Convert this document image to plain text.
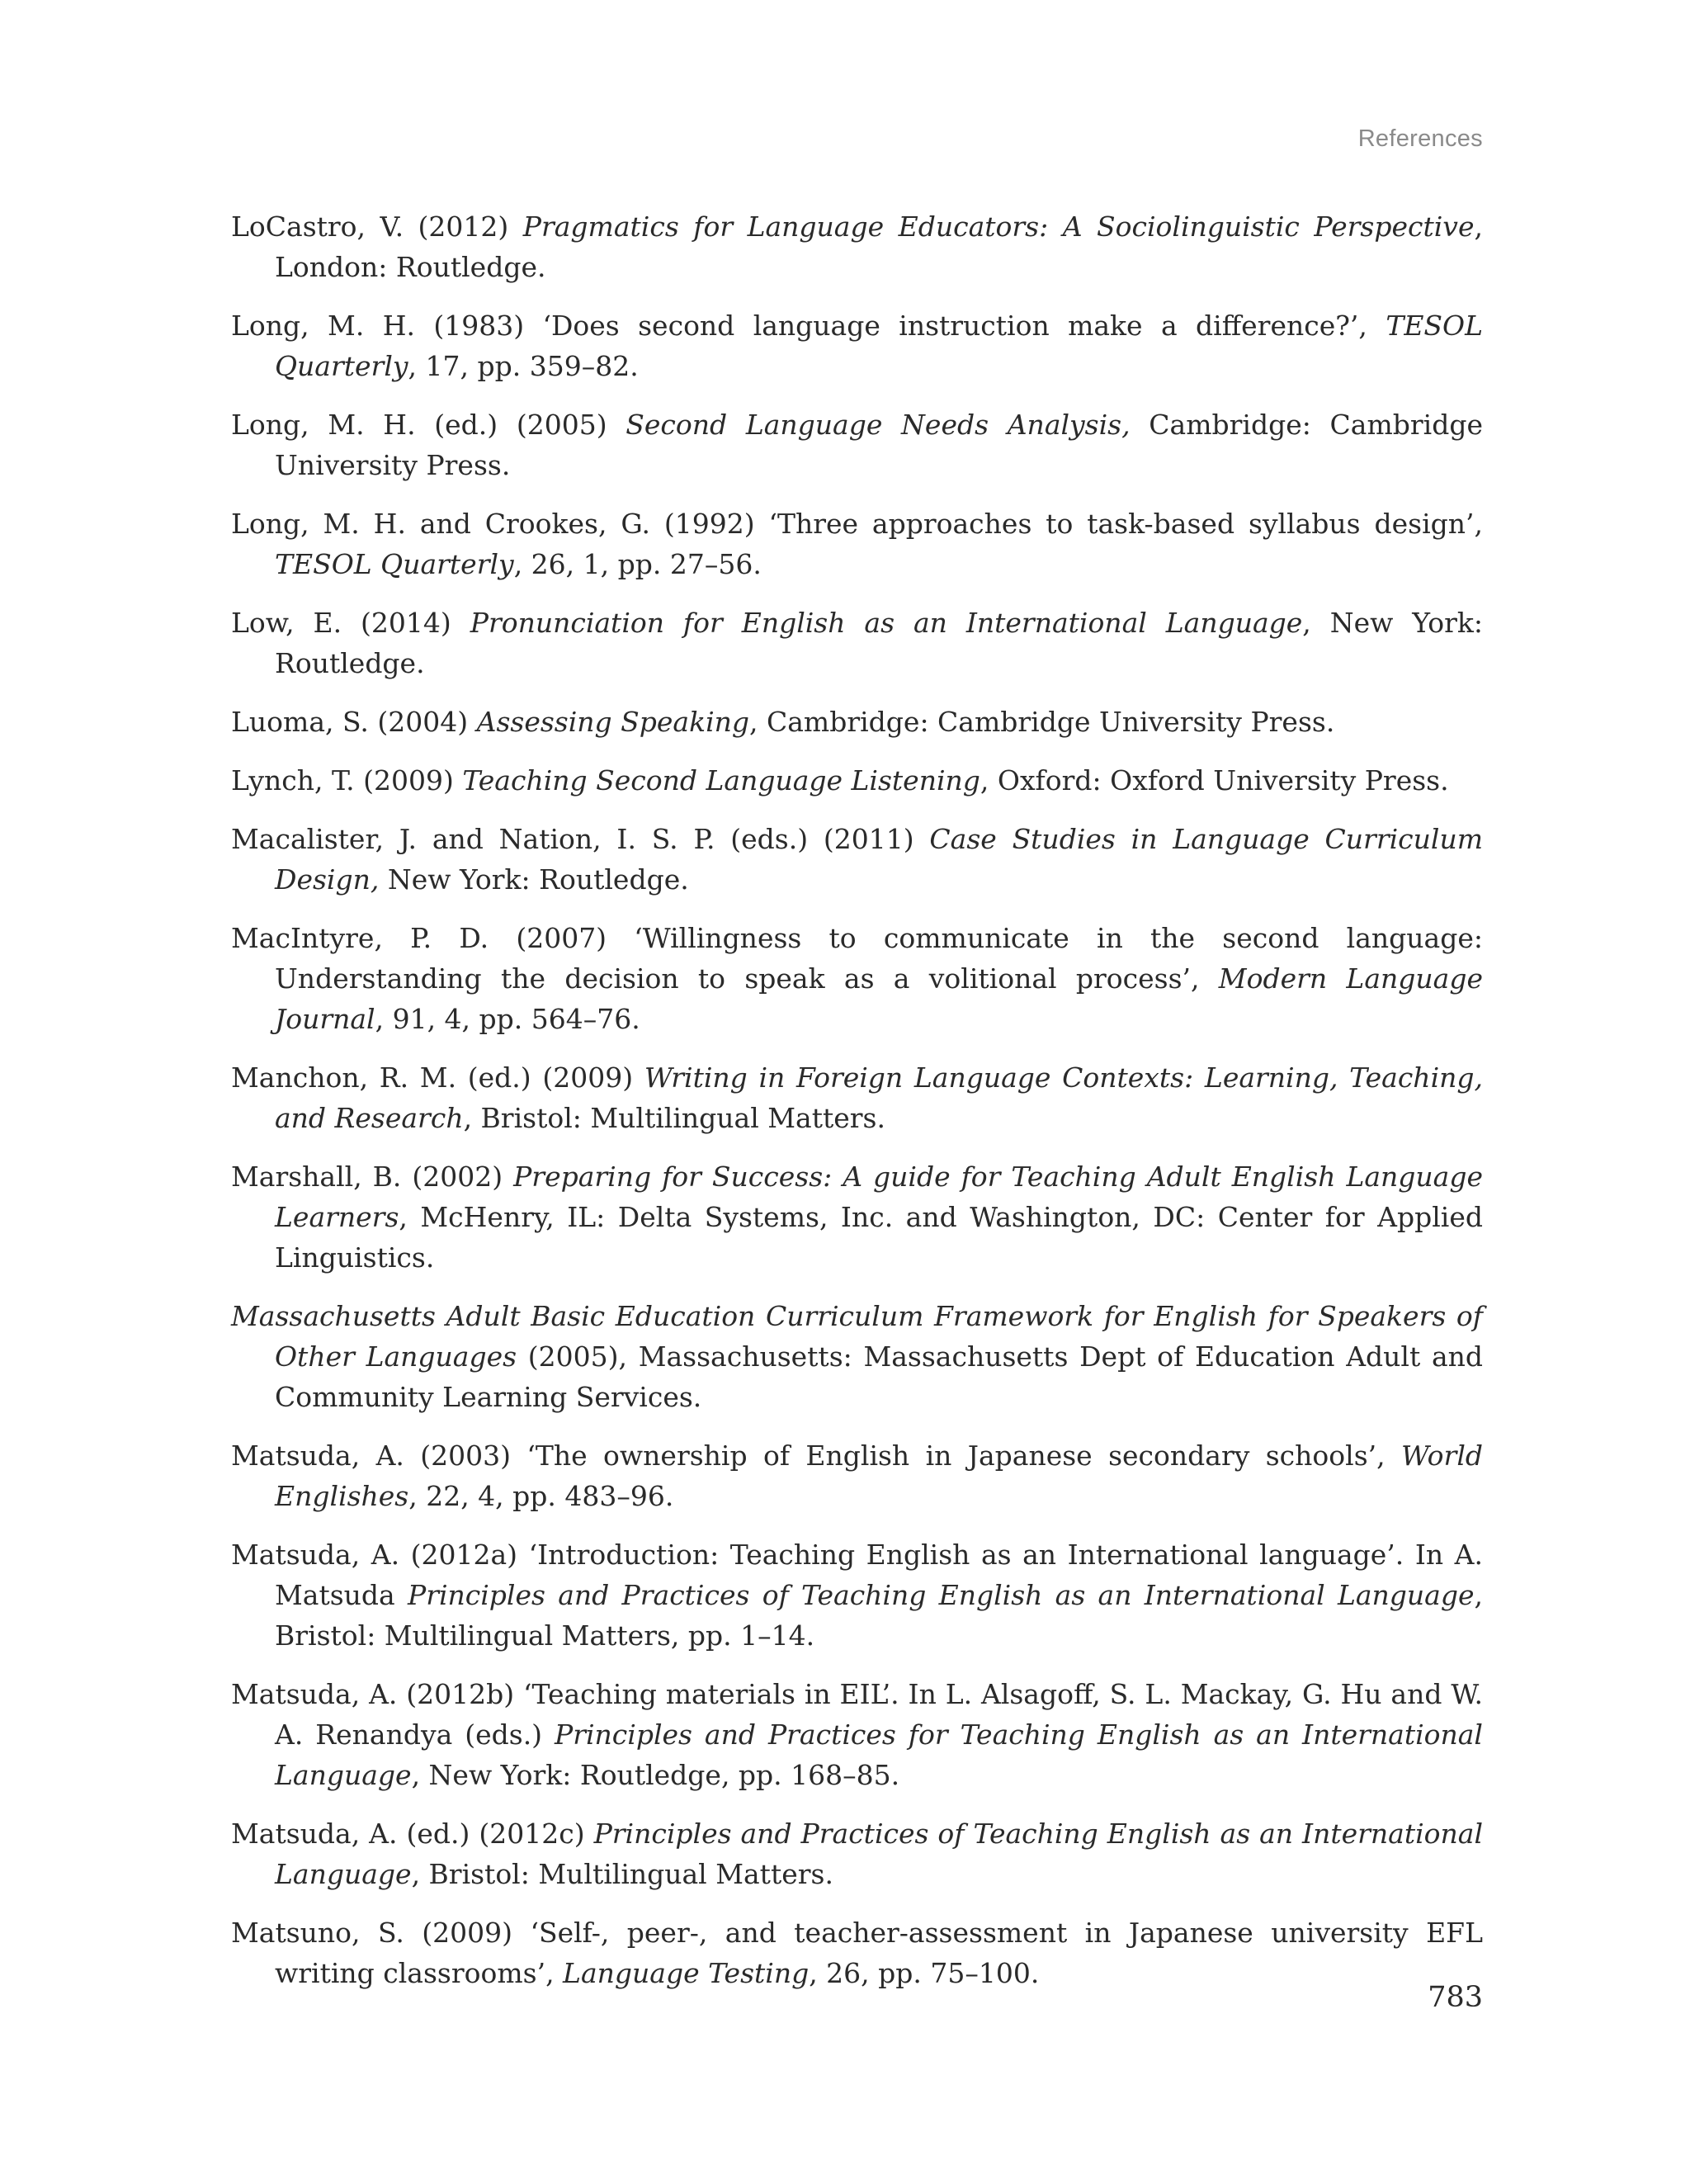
References

LoCastro, V. (2012) Pragmatics for Language Educators: A Sociolinguistic Perspective, London: Routledge.

Long, M. H. (1983) ‘Does second language instruction make a difference?’, TESOL Quarterly, 17, pp. 359–82.

Long, M. H. (ed.) (2005) Second Language Needs Analysis, Cambridge: Cambridge University Press.

Long, M. H. and Crookes, G. (1992) ‘Three approaches to task-based syllabus design’, TESOL Quarterly, 26, 1, pp. 27–56.

Low, E. (2014) Pronunciation for English as an International Language, New York: Routledge.

Luoma, S. (2004) Assessing Speaking, Cambridge: Cambridge University Press.

Lynch, T. (2009) Teaching Second Language Listening, Oxford: Oxford University Press.

Macalister, J. and Nation, I. S. P. (eds.) (2011) Case Studies in Language Curriculum Design, New York: Routledge.

MacIntyre, P. D. (2007) ‘Willingness to communicate in the second language: Understanding the decision to speak as a volitional process’, Modern Language Journal, 91, 4, pp. 564–76.

Manchon, R. M. (ed.) (2009) Writing in Foreign Language Contexts: Learning, Teaching, and Research, Bristol: Multilingual Matters.

Marshall, B. (2002) Preparing for Success: A guide for Teaching Adult English Language Learners, McHenry, IL: Delta Systems, Inc. and Washington, DC: Center for Applied Linguistics.

Massachusetts Adult Basic Education Curriculum Framework for English for Speakers of Other Languages (2005), Massachusetts: Massachusetts Dept of Education Adult and Community Learning Services.

Matsuda, A. (2003) ‘The ownership of English in Japanese secondary schools’, World Englishes, 22, 4, pp. 483–96.

Matsuda, A. (2012a) ‘Introduction: Teaching English as an International language’. In A. Matsuda Principles and Practices of Teaching English as an International Language, Bristol: Multilingual Matters, pp. 1–14.

Matsuda, A. (2012b) ‘Teaching materials in EIL’. In L. Alsagoff, S. L. Mackay, G. Hu and W. A. Renandya (eds.) Principles and Practices for Teaching English as an International Language, New York: Routledge, pp. 168–85.

Matsuda, A. (ed.) (2012c) Principles and Practices of Teaching English as an International Language, Bristol: Multilingual Matters.

Matsuno, S. (2009) ‘Self-, peer-, and teacher-assessment in Japanese university EFL writing classrooms’, Language Testing, 26, pp. 75–100.

783
